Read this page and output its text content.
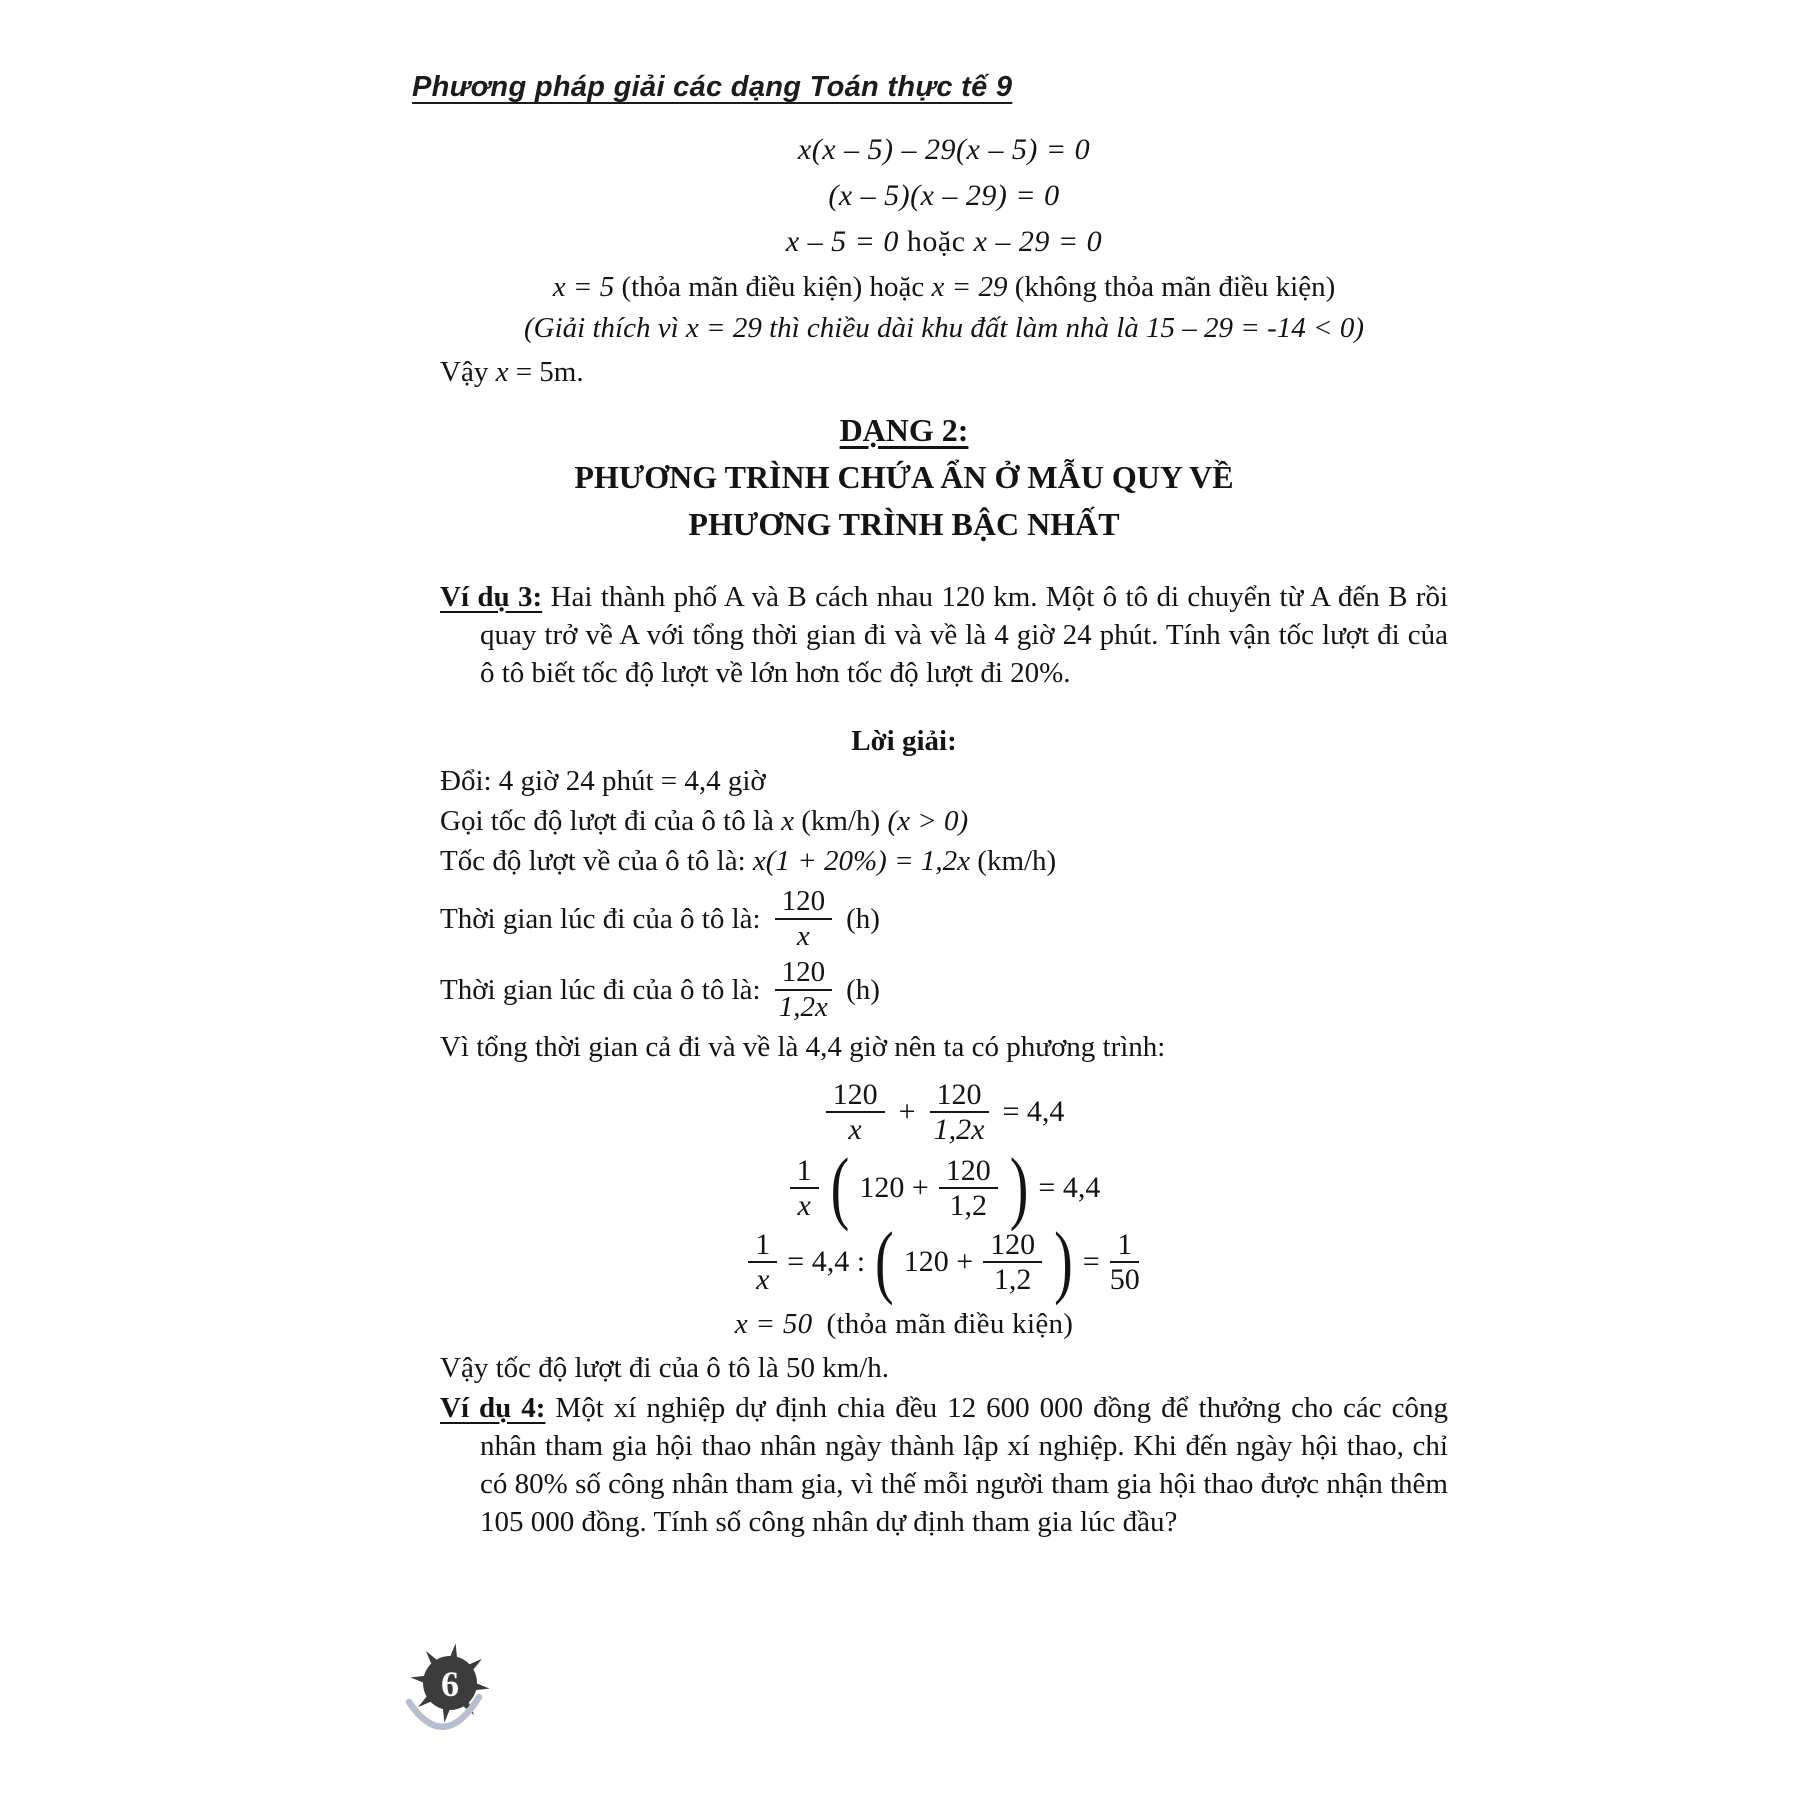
Phương pháp giải các dạng Toán thực tế 9
x(x – 5) – 29(x – 5) = 0
(x – 5)(x – 29) = 0
x – 5 = 0 hoặc x – 29 = 0
x = 5 (thỏa mãn điều kiện) hoặc x = 29 (không thỏa mãn điều kiện)
(Giải thích vì x = 29 thì chiều dài khu đất làm nhà là 15 – 29 = -14 < 0)
Vậy x = 5m.
DẠNG 2:
PHƯƠNG TRÌNH CHỨA ẨN Ở MẪU QUY VỀ
PHƯƠNG TRÌNH BẬC NHẤT

Ví dụ 3: Hai thành phố A và B cách nhau 120 km. Một ô tô di chuyển từ A đến B rồi quay trở về A với tổng thời gian đi và về là 4 giờ 24 phút. Tính vận tốc lượt đi của ô tô biết tốc độ lượt về lớn hơn tốc độ lượt đi 20%.

Lời giải:
Đổi: 4 giờ 24 phút = 4,4 giờ
Gọi tốc độ lượt đi của ô tô là x (km/h) (x > 0)
Tốc độ lượt về của ô tô là: x(1 + 20%) = 1,2x (km/h)
Thời gian lúc đi của ô tô là: $\frac{120}{x} (h)$
Thời gian lúc đi của ô tô là: $\frac{120}{1,2x} (h)$
Vì tổng thời gian cả đi và về là 4,4 giờ nên ta có phương trình:
$\frac{120}{x} + \frac{120}{1,2x} = 4,4$
$\frac{1}{x}$ ( $120 + \frac{120}{1,2}$ ) = 4,4
$\frac{1}{x} = 4,4$ : ( $120 + \frac{120}{1,2}$ ) = $\frac{1}{50}$
x = 50 (thỏa mãn điều kiện)
Vậy tốc độ lượt đi của ô tô là 50 km/h.

Ví dụ 4: Một xí nghiệp dự định chia đều 12 600 000 đồng để thưởng cho các công nhân tham gia hội thao nhân ngày thành lập xí nghiệp. Khi đến ngày hội thao, chỉ có 80% số công nhân tham gia, vì thế mỗi người tham gia hội thao được nhận thêm 105 000 đồng. Tính số công nhân dự định tham gia lúc đầu?

6
